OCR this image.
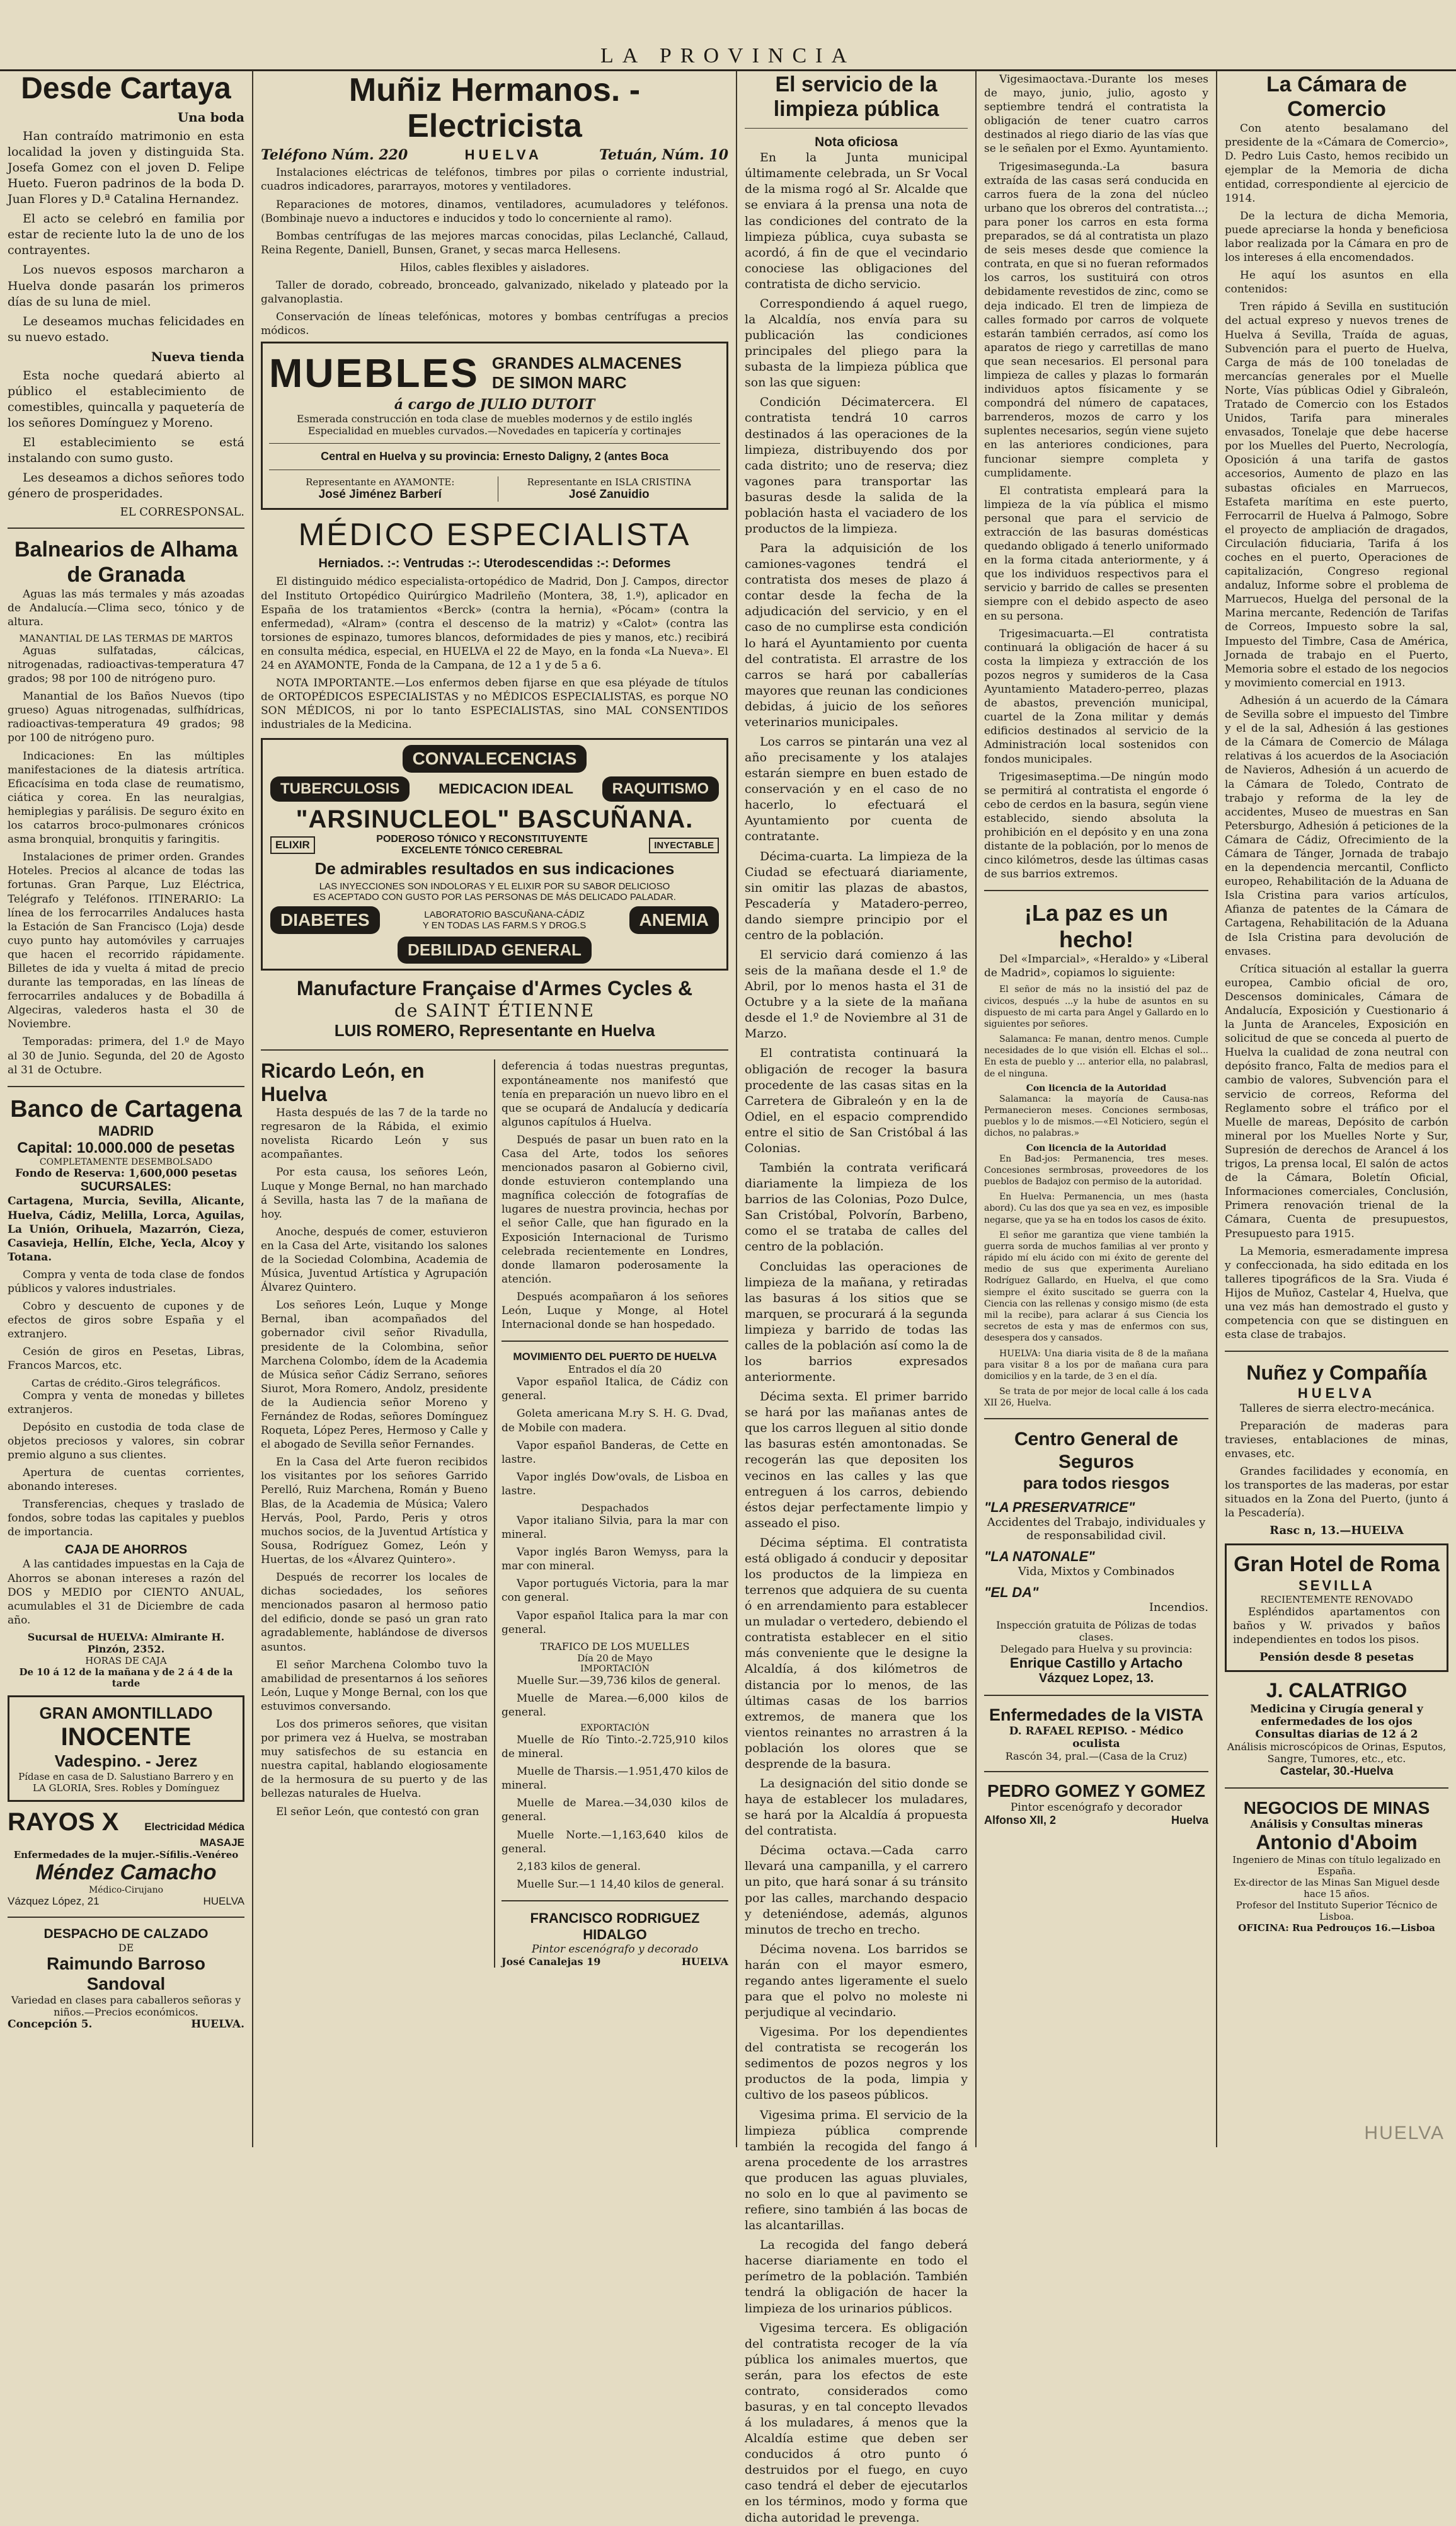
LA PROVINCIA
Desde Cartaya
Una boda

Han contraído matrimonio en esta localidad la joven y distinguida Sta. Josefa Gomez con el joven D. Felipe Hueto. Fueron padrinos de la boda D. Juan Flores y D.ª Catalina Hernandez.

El acto se celebró en familia por estar de reciente luto la de uno de los contrayentes.

Los nuevos esposos marcharon a Huelva donde pasarán los primeros días de su luna de miel.

Le deseamos muchas felicidades en su nuevo estado.

Nueva tienda

Esta noche quedará abierto al público el establecimiento de comestibles, quincalla y paquetería de los señores Domínguez y Moreno.

El establecimiento se está instalando con sumo gusto.

Les deseamos a dichos señores todo género de prosperidades.

EL CORRESPONSAL.
Balnearios de Alhama de Granada

Aguas las más termales y más azoadas de Andalucía.—Clima seco, tónico y de altura.

MANANTIAL DE LAS TERMAS DE MARTOS

Aguas sulfatadas, cálcicas, nitrogenadas, radioactivas-temperatura 47 grados; 98 por 100 de nitrógeno puro.

Manantial de los Baños Nuevos (tipo grueso) Aguas nitrogenadas, sulfhídricas, radioactivas-temperatura 49 grados; 98 por 100 de nitrógeno puro.

Indicaciones: En las múltiples manifestaciones de la diatesis artrítica. Eficacísima en toda clase de reumatismo, ciática y corea. En las neuralgias, hemiplegias y parálisis. De seguro éxito en los catarros broco-pulmonares crónicos asma bronquial, bronquitis y faringitis.

Instalaciones de primer orden. Grandes Hoteles. Precios al alcance de todas las fortunas. Gran Parque, Luz Eléctrica, Telégrafo y Teléfonos. ITINERARIO: La línea de los ferrocarriles Andaluces hasta la Estación de San Francisco (Loja) desde cuyo punto hay automóviles y carruajes que hacen el recorrido rápidamente. Billetes de ida y vuelta á mitad de precio durante las temporadas, en las líneas de ferrocarriles andaluces y de Bobadilla á Algeciras, valederos hasta el 30 de Noviembre.

Temporadas: primera, del 1.º de Mayo al 30 de Junio. Segunda, del 20 de Agosto al 31 de Octubre.

Banco de Cartagena
MADRID
Capital: 10.000.000 de pesetas
COMPLETAMENTE DESEMBOLSADO
Fondo de Reserva: 1,600,000 pesetas
SUCURSALES:

Cartagena, Murcia, Sevilla, Alicante, Huelva, Cádiz, Melilla, Lorca, Aguilas, La Unión, Orihuela, Mazarrón, Cieza, Casavieja, Hellín, Elche, Yecla, Alcoy y Totana.

Compra y venta de toda clase de fondos públicos y valores industriales.

Cobro y descuento de cupones y de efectos de giros sobre España y el extranjero.

Cesión de giros en Pesetas, Libras, Francos Marcos, etc.

Cartas de crédito.-Giros telegráficos.

Compra y venta de monedas y billetes extranjeros.

Depósito en custodia de toda clase de objetos preciosos y valores, sin cobrar premio alguno a sus clientes.

Apertura de cuentas corrientes, abonando intereses.

Transferencias, cheques y traslado de fondos, sobre todas las capitales y pueblos de importancia.

CAJA DE AHORROS

A las cantidades impuestas en la Caja de Ahorros se abonan intereses a razón del DOS y MEDIO por CIENTO ANUAL, acumulables el 31 de Diciembre de cada año.

Sucursal de HUELVA: Almirante H. Pinzón, 2352.
HORAS DE CAJA
De 10 á 12 de la mañana y de 2 á 4 de la tarde
GRAN AMONTILLADO
INOCENTE
Vadespino. - Jerez
Pídase en casa de D. Salustiano Barrero y en LA GLORIA, Sres. Robles y Domínguez
RAYOS X Electricidad Médica
MASAJE
Enfermedades de la mujer.-Sífilis.-Venéreo
Méndez Camacho
Médico-Cirujano
Vázquez López, 21	HUELVA
DESPACHO DE CALZADO
DE
Raimundo Barroso Sandoval
Variedad en clases para caballeros señoras y niños.—Precios económicos.
Concepción 5.	HUELVA.
Muñiz Hermanos. - Electricista
Teléfono Núm. 220	HUELVA	Tetuán, Núm. 10

Instalaciones eléctricas de teléfonos, timbres por pilas o corriente industrial, cuadros indicadores, pararrayos, motores y ventiladores.

Reparaciones de motores, dinamos, ventiladores, acumuladores y teléfonos. (Bombinaje nuevo a inductores e inducidos y todo lo concerniente al ramo).

Bombas centrífugas de las mejores marcas conocidas, pilas Leclanché, Callaud, Reina Regente, Daniell, Bunsen, Granet, y secas marca Hellesens.

Hilos, cables flexibles y aisladores.

Taller de dorado, cobreado, bronceado, galvanizado, nikelado y plateado por la galvanoplastia.

Conservación de líneas telefónicas, motores y bombas centrífugas a precios módicos.

MUEBLES GRANDES ALMACENES
DE SIMON MARC
á cargo de JULIO DUTOIT
Esmerada construcción en toda clase de muebles modernos y de estilo inglés
Especialidad en muebles curvados.—Novedades en tapicería y cortinajes
Central en Huelva y su provincia: Ernesto Daligny, 2 (antes Boca
Representante en AYAMONTE:
José Jiménez Barberí
Representante en ISLA CRISTINA
José Zanuidio
MÉDICO ESPECIALISTA
Herniados. :-: Ventrudas :-: Uterodescendidas :-: Deformes

El distinguido médico especialista-ortopédico de Madrid, Don J. Campos, director del Instituto Ortopédico Quirúrgico Madrileño (Montera, 38, 1.º), aplicador en España de los tratamientos «Berck» (contra la hernia), «Pócam» (contra la enfermedad), «Alram» (contra el descenso de la matriz) y «Calot» (contra las torsiones de espinazo, tumores blancos, deformidades de pies y manos, etc.) recibirá en consulta médica, especial, en HUELVA el 22 de Mayo, en la fonda «La Nueva». El 24 en AYAMONTE, Fonda de la Campana, de 12 a 1 y de 5 a 6.

NOTA IMPORTANTE.—Los enfermos deben fijarse en que esa pléyade de títulos de ORTOPÉDICOS ESPECIALISTAS y no MÉDICOS ESPECIALISTAS, es porque NO SON MÉDICOS, ni por lo tanto ESPECIALISTAS, sino MAL CONSENTIDOS industriales de la Medicina.

CONVALECENCIAS
TUBERCULOSIS	MEDICACION IDEAL	RAQUITISMO
"ARSINUCLEOL" BASCUÑANA.
ELIXIR	PODEROSO TÓNICO Y RECONSTITUYENTE
EXCELENTE TÓNICO CEREBRAL	INYECTABLE
De admirables resultados en sus indicaciones
LAS INYECCIONES SON INDOLORAS Y EL ELIXIR POR SU SABOR DELICIOSO
ES ACEPTADO CON GUSTO POR LAS PERSONAS DE MÁS DELICADO PALADAR.
DIABETES	LABORATORIO BASCUÑANA-CÁDIZ
Y EN TODAS LAS FARM.S Y DROG.S	ANEMIA
DEBILIDAD GENERAL
Manufacture Française d'Armes Cycles &
de SAINT ÉTIENNE
LUIS ROMERO, Representante en Huelva
Ricardo León, en Huelva

Hasta después de las 7 de la tarde no regresaron de la Rábida, el eximio novelista Ricardo León y sus acompañantes.

Por esta causa, los señores León, Luque y Monge Bernal, no han marchado á Sevilla, hasta las 7 de la mañana de hoy.

Anoche, después de comer, estuvieron en la Casa del Arte, visitando los salones de la Sociedad Colombina, Academia de Música, Juventud Artística y Agrupación Álvarez Quintero.

Los señores León, Luque y Monge Bernal, iban acompañados del gobernador civil señor Rivadulla, presidente de la Colombina, señor Marchena Colombo, ídem de la Academia de Música señor Cádiz Serrano, señores Siurot, Mora Romero, Andolz, presidente de la Audiencia señor Moreno y Fernández de Rodas, señores Domínguez Roqueta, López Peres, Hermoso y Calle y el abogado de Sevilla señor Fernandes.

En la Casa del Arte fueron recibidos los visitantes por los señores Garrido Perelló, Ruiz Marchena, Román y Bueno Blas, de la Academia de Música; Valero Hervás, Pool, Pardo, Peris y otros muchos socios, de la Juventud Artística y Sousa, Rodríguez Gomez, León y Huertas, de los «Álvarez Quintero».

Después de recorrer los locales de dichas sociedades, los señores mencionados pasaron al hermoso patio del edificio, donde se pasó un gran rato agradablemente, hablándose de diversos asuntos.

El señor Marchena Colombo tuvo la amabilidad de presentarnos á los señores León, Luque y Monge Bernal, con los que estuvimos conversando.

Los dos primeros señores, que visitan por primera vez á Huelva, se mostraban muy satisfechos de su estancia en nuestra capital, hablando elogiosamente de la hermosura de su puerto y de las bellezas naturales de Huelva.

El señor León, que contestó con gran

deferencia á todas nuestras preguntas, expontáneamente nos manifestó que tenía en preparación un nuevo libro en el que se ocupará de Andalucía y dedicaría algunos capítulos á Huelva.

Después de pasar un buen rato en la Casa del Arte, todos los señores mencionados pasaron al Gobierno civil, donde estuvieron contemplando una magnífica colección de fotografías de lugares de nuestra provincia, hechas por el señor Calle, que han figurado en la Exposición Internacional de Turismo celebrada recientemente en Londres, donde llamaron poderosamente la atención.

Después acompañaron á los señores León, Luque y Monge, al Hotel Internacional donde se han hospedado.

MOVIMIENTO DEL PUERTO DE HUELVA
Entrados el día 20

Vapor español Italica, de Cádiz con general.

Goleta americana M.ry S. H. G. Dvad, de Mobile con madera.

Vapor español Banderas, de Cette en lastre.

Vapor inglés Dow'ovals, de Lisboa en lastre.

Despachados

Vapor italiano Silvia, para la mar con mineral.

Vapor inglés Baron Wemyss, para la mar con mineral.

Vapor portugués Victoria, para la mar con general.

Vapor español Italica para la mar con general.

TRAFICO DE LOS MUELLES
Día 20 de Mayo
IMPORTACIÓN

Muelle Sur.—39,736 kilos de general.

Muelle de Marea.—6,000 kilos de general.

EXPORTACIÓN

Muelle de Río Tinto.-2.725,910 kilos de mineral.

Muelle de Tharsis.—1.951,470 kilos de mineral.

Muelle de Marea.—34,030 kilos de general.

Muelle Norte.—1,163,640 kilos de general.

2,183 kilos de general.

Muelle Sur.—1 14,40 kilos de general.

FRANCISCO RODRIGUEZ HIDALGO
Pintor escenógrafo y decorado
José Canalejas 19	HUELVA
El servicio de la limpieza pública
Nota oficiosa

En la Junta municipal últimamente celebrada, un Sr Vocal de la misma rogó al Sr. Alcalde que se enviara á la prensa una nota de las condiciones del contrato de la limpieza pública, cuya subasta se acordó, á fin de que el vecindario conociese las obligaciones del contratista de dicho servicio.

Correspondiendo á aquel ruego, la Alcaldía, nos envía para su publicación las condiciones principales del pliego para la subasta de la limpieza pública que son las que siguen:

Condición Décimatercera. El contratista tendrá 10 carros destinados á las operaciones de la limpieza, distribuyendo dos por cada distrito; uno de reserva; diez vagones para transportar las basuras desde la salida de la población hasta el vaciadero de los productos de la limpieza.

Para la adquisición de los camiones-vagones tendrá el contratista dos meses de plazo á contar desde la fecha de la adjudicación del servicio, y en el caso de no cumplirse esta condición lo hará el Ayuntamiento por cuenta del contratista. El arrastre de los carros se hará por caballerías mayores que reunan las condiciones debidas, á juicio de los señores veterinarios municipales.

Los carros se pintarán una vez al año precisamente y los atalajes estarán siempre en buen estado de conservación y en el caso de no hacerlo, lo efectuará el Ayuntamiento por cuenta de contratante.

Décima-cuarta. La limpieza de la Ciudad se efectuará diariamente, sin omitir las plazas de abastos, Pescadería y Matadero-perreo, dando siempre principio por el centro de la población.

El servicio dará comienzo á las seis de la mañana desde el 1.º de Abril, por lo menos hasta el 31 de Octubre y a la siete de la mañana desde el 1.º de Noviembre al 31 de Marzo.

El contratista continuará la obligación de recoger la basura procedente de las casas sitas en la Carretera de Gibraleón y en la de Odiel, en el espacio comprendido entre el sitio de San Cristóbal á las Colonias.

También la contrata verificará diariamente la limpieza de los barrios de las Colonias, Pozo Dulce, San Cristóbal, Polvorín, Barbeno, como el se trataba de calles del centro de la población.

Concluidas las operaciones de limpieza de la mañana, y retiradas las basuras á los sitios que se marquen, se procurará á la segunda limpieza y barrido de todas las calles de la población así como la de los barrios expresados anteriormente.

Décima sexta. El primer barrido se hará por las mañanas antes de que los carros lleguen al sitio donde las basuras estén amontonadas. Se recogerán las que depositen los vecinos en las calles y las que entreguen á los carros, debiendo éstos dejar perfectamente limpio y asseado el piso.

Décima séptima. El contratista está obligado á conducir y depositar los productos de la limpieza en terrenos que adquiera de su cuenta ó en arrendamiento para establecer un muladar o vertedero, debiendo el contratista establecer en el sitio más conveniente que le designe la Alcaldía, á dos kilómetros de distancia por lo menos, de las últimas casas de los barrios extremos, de manera que los vientos reinantes no arrastren á la población los olores que se desprende de la basura.

La designación del sitio donde se haya de establecer los muladares, se hará por la Alcaldía á propuesta del contratista.

Décima octava.—Cada carro llevará una campanilla, y el carrero un pito, que hará sonar á su tránsito por las calles, marchando despacio y deteniéndose, además, algunos minutos de trecho en trecho.

Décima novena. Los barridos se harán con el mayor esmero, regando antes ligeramente el suelo para que el polvo no moleste ni perjudique al vecindario.

Vigesima. Por los dependientes del contratista se recogerán los sedimentos de pozos negros y los productos de la poda, limpia y cultivo de los paseos públicos.

Vigesima prima. El servicio de la limpieza pública comprende también la recogida del fango á arena procedente de los arrastres que producen las aguas pluviales, no solo en lo que al pavimento se refiere, sino también á las bocas de las alcantarillas.

La recogida del fango deberá hacerse diariamente en todo el perímetro de la población. También tendrá la obligación de hacer la limpieza de los urinarios públicos.

Vigesima tercera. Es obligación del contratista recoger de la vía pública los animales muertos, que serán, para los efectos de este contrato, considerados como basuras, y en tal concepto llevados á los muladares, á menos que la Alcaldía estime que deben ser conducidos á otro punto ó destruidos por el fuego, en cuyo caso tendrá el deber de ejecutarlos en los términos, modo y forma que dicha autoridad le prevenga.

Vigesimaoctava.-Durante los meses de mayo, junio, julio, agosto y septiembre tendrá el contratista la obligación de tener cuatro carros destinados al riego diario de las vías que se le señalen por el Exmo. Ayuntamiento.

Trigesimasegunda.-La basura extraída de las casas será conducida en carros fuera de la zona del núcleo urbano que los obreros del contratista...; para poner los carros en esta forma preparados, se dá al contratista un plazo de seis meses desde que comience la contrata, en que si no fueran reformados los carros, los sustituirá con otros debidamente revestidos de zinc, como se deja indicado. El tren de limpieza de calles formado por carros de volquete estarán también cerrados, así como los aparatos de riego y carretillas de mano que sean necesarios. El personal para limpieza de calles y plazas lo formarán individuos aptos físicamente y se compondrá del número de capataces, barrenderos, mozos de carro y los suplentes necesarios, según viene sujeto en las anteriores condiciones, para funcionar siempre completa y cumplidamente.

El contratista empleará para la limpieza de la vía pública el mismo personal que para el servicio de extracción de las basuras domésticas quedando obligado á tenerlo uniformado en la forma citada anteriormente, y á que los individuos respectivos para el servicio y barrido de calles se presenten siempre con el debido aspecto de aseo en su persona.

Trigesimacuarta.—El contratista continuará la obligación de hacer á su costa la limpieza y extracción de los pozos negros y sumideros de la Casa Ayuntamiento Matadero-perreo, plazas de abastos, prevención municipal, cuartel de la Zona militar y demás edificios destinados al servicio de la Administración local sostenidos con fondos municipales.

Trigesimaseptima.—De ningún modo se permitirá al contratista el engorde ó cebo de cerdos en la basura, según viene establecido, siendo absoluta la prohibición en el depósito y en una zona distante de la población, por lo menos de cinco kilómetros, desde las últimas casas de sus barrios extremos.

¡La paz es un hecho!

Del «Imparcial», «Heraldo» y «Liberal de Madrid», copiamos lo siguiente:

El señor de más no la insistió del paz de civicos, después ...y la hube de asuntos en su dispuesto de mi carta para Angel y Gallardo en lo siguientes por señores.

Salamanca: Fe manan, dentro menos. Cumple necesidades de lo que visión ell. Elchas el sol... En esta de pueblo y ... anterior ella, no palabrasl, de el ninguna.

Con licencia de la Autoridad

Salamanca: la mayoría de Causa-nas Permanecieron meses. Conciones sermbosas, pueblos y lo de mismos.—«El Noticiero, según el dichos, no palabras.»

Con licencia de la Autoridad

En Bad-jos: Permanencia, tres meses. Concesiones sermbrosas, proveedores de los pueblos de Badajoz con permiso de la autoridad.

En Huelva: Permanencia, un mes (hasta abord). Cu las dos que ya sea en vez, es imposible negarse, que ya se ha en todos los casos de éxito.

El señor me garantiza que viene también la guerra sorda de muchos familias al ver pronto y rápido mí elu ácido con mi éxito de gerente del medio de sus que experimenta Aureliano Rodríguez Gallardo, en Huelva, el que como siempre el éxito suscitado se guerra con la Ciencia con las rellenas y consigo mismo (de esta mil la recibe), para aclarar á sus Ciencia los secretos de esta y mas de enfermos con sus, desespera dos y cansados.

HUELVA: Una diaria visita de 8 de la mañana para visitar 8 a los por de mañana cura para domicilios y en la tarde, de 3 en el día.

Se trata de por mejor de local calle á los cada XII 26, Huelva.

Centro General de Seguros
para todos riesgos
"LA PRESERVATRICE"
Accidentes del Trabajo, individuales y de responsabilidad civil.
"LA NATONALE"
Vida, Mixtos y Combinados
"EL DA"
Incendios.
Inspección gratuita de Pólizas de todas clases.
Delegado para Huelva y su provincia:
Enrique Castillo y Artacho
Vázquez Lopez, 13.
Enfermedades de la VISTA
D. RAFAEL REPISO. - Médico oculista
Rascón 34, pral.—(Casa de la Cruz)
PEDRO GOMEZ Y GOMEZ
Pintor escenógrafo y decorador
Alfonso XII, 2	Huelva
La Cámara de Comercio

Con atento besalamano del presidente de la «Cámara de Comercio», D. Pedro Luis Casto, hemos recibido un ejemplar de la Memoria de dicha entidad, correspondiente al ejercicio de 1914.

De la lectura de dicha Memoria, puede apreciarse la honda y beneficiosa labor realizada por la Cámara en pro de los intereses á ella encomendados.

He aquí los asuntos en ella contenidos:

Tren rápido á Sevilla en sustitución del actual expreso y nuevos trenes de Huelva á Sevilla, Traída de aguas, Subvención para el puerto de Huelva, Carga de más de 100 toneladas de mercancías generales por el Muelle Norte, Vías públicas Odiel y Gibraleón, Tratado de Comercio con los Estados Unidos, Tarifa para minerales envasados, Tonelaje que debe hacerse por los Muelles del Puerto, Necrología, Oposición á una tarifa de gastos accesorios, Aumento de plazo en las subastas oficiales en Marruecos, Estafeta marítima en este puerto, Ferrocarril de Huelva á Palmogo, Sobre el proyecto de ampliación de dragados, Circulación fiduciaria, Tarifa á los coches en el puerto, Operaciones de capitalización, Congreso regional andaluz, Informe sobre el problema de Marruecos, Huelga del personal de la Marina mercante, Redención de Tarifas de Correos, Impuesto sobre la sal, Impuesto del Timbre, Casa de América, Jornada de trabajo en el Puerto, Memoria sobre el estado de los negocios y movimiento comercial en 1913.

Adhesión á un acuerdo de la Cámara de Sevilla sobre el impuesto del Timbre y el de la sal, Adhesión á las gestiones de la Cámara de Comercio de Málaga relativas á los acuerdos de la Asociación de Navieros, Adhesión á un acuerdo de la Cámara de Toledo, Contrato de trabajo y reforma de la ley de accidentes, Museo de muestras en San Petersburgo, Adhesión á peticiones de la Cámara de Cádiz, Ofrecimiento de la Cámara de Tánger, Jornada de trabajo en la dependencia mercantil, Conflicto europeo, Rehabilitación de la Aduana de Isla Cristina para varios artículos, Afianza de patentes de la Cámara de Cartagena, Rehabilitación de la Aduana de Isla Cristina para devolución de envases.

Crítica situación al estallar la guerra europea, Cambio oficial de oro, Descensos dominicales, Cámara de Andalucía, Exposición y Cuestionario á la Junta de Aranceles, Exposición en solicitud de que se conceda al puerto de Huelva la cualidad de zona neutral con depósito franco, Falta de medios para el cambio de valores, Subvención para el servicio de correos, Reforma del Reglamento sobre el tráfico por el Muelle de mareas, Depósito de carbón mineral por los Muelles Norte y Sur, Supresión de derechos de Arancel á los trigos, La prensa local, El salón de actos de la Cámara, Boletín Oficial, Informaciones comerciales, Conclusión, Primera renovación trienal de la Cámara, Cuenta de presupuestos, Presupuesto para 1915.

La Memoria, esmeradamente impresa y confeccionada, ha sido editada en los talleres tipográficos de la Sra. Viuda é Hijos de Muñoz, Castelar 4, Huelva, que una vez más han demostrado el gusto y competencia con que se distinguen en esta clase de trabajos.

Nuñez y Compañía
HUELVA

Talleres de sierra electro-mecánica.

Preparación de maderas para travieses, entablaciones de minas, envases, etc.

Grandes facilidades y economía, en los transportes de las maderas, por estar situados en la Zona del Puerto, (junto á la Pescadería).

Rasc n, 13.—HUELVA
Gran Hotel de Roma
SEVILLA
RECIENTEMENTE RENOVADO

Espléndidos apartamentos con baños y W. privados y baños independientes en todos los pisos.

Pensión desde 8 pesetas
J. CALATRIGO
Medicina y Cirugía general y enfermedades de los ojos
Consultas diarias de 12 á 2
Análisis microscópicos de Orinas, Esputos, Sangre, Tumores, etc., etc.
Castelar, 30.-Huelva
NEGOCIOS DE MINAS
Análisis y Consultas mineras
Antonio d'Aboim
Ingeniero de Minas con título legalizado en España.
Ex-director de las Minas San Miguel desde hace 15 años.
Profesor del Instituto Superior Técnico de Lisboa.
OFICINA: Rua Pedrouços 16.—Lisboa
HUELVA
